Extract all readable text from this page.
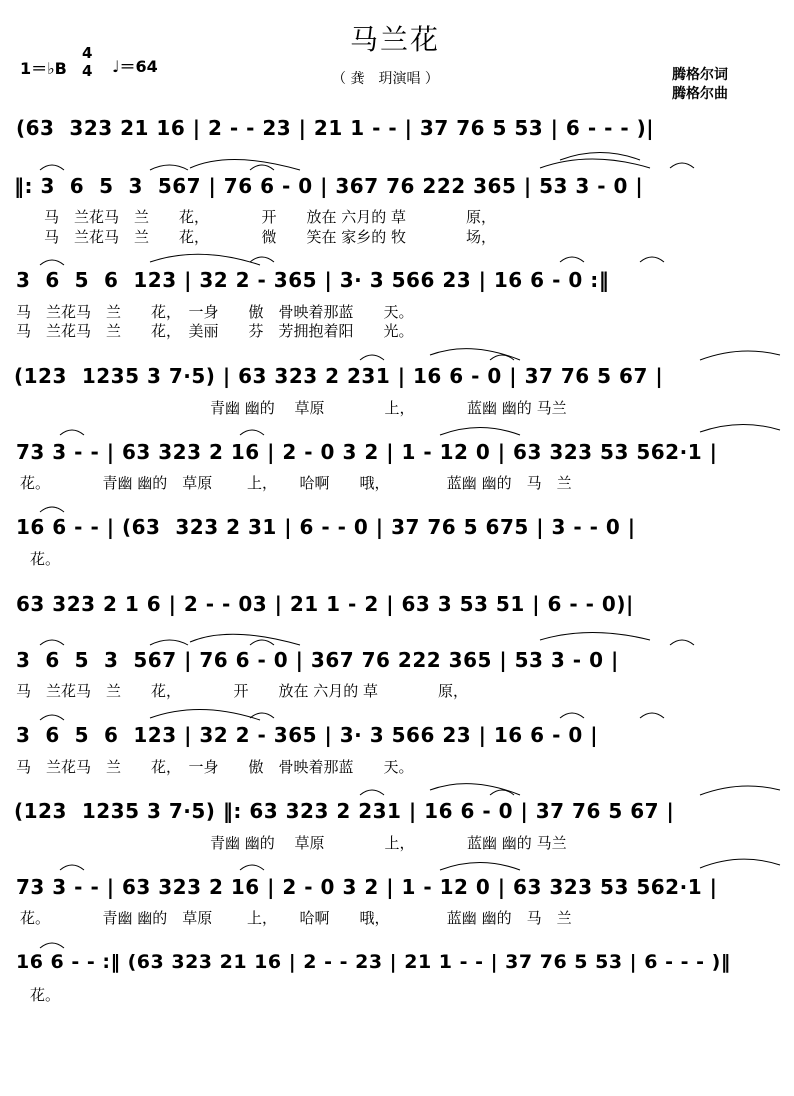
马兰花
（ 龚　玥演唱 ）
1＝♭B
4
4 ♩＝64	腾格尔词
腾格尔曲
(63  323 21 16 | 2 - - 23 | 21 1 - - | 37 76 5 53 | 6 - - - )|
‖: 3  6  5  3  567 | 76 6 - 0 | 367 76 222 365 | 53 3 - 0 |
马　兰花马　兰　　花，　　　　开　　放在 六月的 草　　　　原，
马　兰花马　兰　　花，　　　　微　　笑在 家乡的 牧　　　　场，
3  6  5  6  123 | 32 2 - 365 | 3· 3 566 23 | 16 6 - 0 :‖
马　兰花马　兰　　花，　一身　　傲　骨映着那蓝　　天。
马　兰花马　兰　　花，　美丽　　芬　芳拥抱着阳　　光。
(123  1235 3 7·5) | 63 323 2 231 | 16 6 - 0 | 37 76 5 67 |
　　　　　　　　　　　　青幽 幽的　 草原　　　　上，　　　　蓝幽 幽的 马兰
73 3 - - | 63 323 2 16 | 2 - 0 3 2 | 1 - 12 0 | 63 323 53 562·1 |
花。　　　　青幽 幽的　草原　　 上，　　哈啊　　哦，　　　　 蓝幽 幽的　马　兰
16 6 - - | (63  323 2 31 | 6 - - 0 | 37 76 5 675 | 3 - - 0 |
花。
63 323 2 1 6 | 2 - - 03 | 21 1 - 2 | 63 3 53 51 | 6 - - 0)|
3  6  5  3  567 | 76 6 - 0 | 367 76 222 365 | 53 3 - 0 |
马　兰花马　兰　　花，　　　　开　　放在 六月的 草　　　　原，
3  6  5  6  123 | 32 2 - 365 | 3· 3 566 23 | 16 6 - 0 |
马　兰花马　兰　　花，　一身　　傲　骨映着那蓝　　天。
(123  1235 3 7·5) ‖: 63 323 2 231 | 16 6 - 0 | 37 76 5 67 |
　　　　　　　　　　　　青幽 幽的　 草原　　　　上，　　　　蓝幽 幽的 马兰
73 3 - - | 63 323 2 16 | 2 - 0 3 2 | 1 - 12 0 | 63 323 53 562·1 |
花。　　　　青幽 幽的　草原　　 上，　　哈啊　　哦，　　　　 蓝幽 幽的　马　兰
16 6 - - :‖ (63 323 21 16 | 2 - - 23 | 21 1 - - | 37 76 5 53 | 6 - - - )‖
花。
